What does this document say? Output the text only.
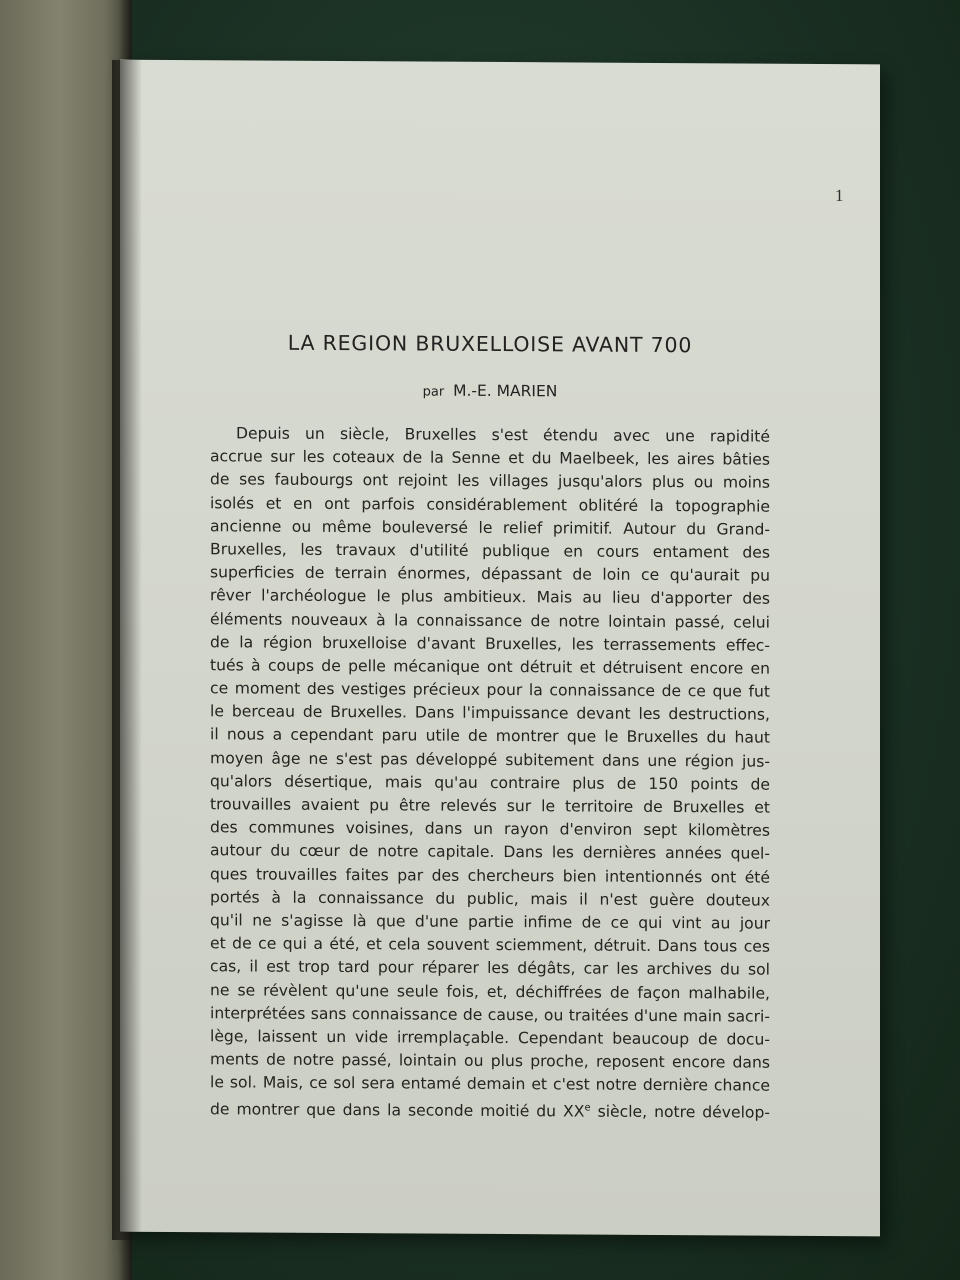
1
LA REGION BRUXELLOISE AVANT 700

par M.-E. MARIEN

Depuis un siècle, Bruxelles s'est étendu avec une rapidité
accrue sur les coteaux de la Senne et du Maelbeek, les aires bâties
de ses faubourgs ont rejoint les villages jusqu'alors plus ou moins
isolés et en ont parfois considérablement oblitéré la topographie
ancienne ou même bouleversé le relief primitif. Autour du Grand-
Bruxelles, les travaux d'utilité publique en cours entament des
superficies de terrain énormes, dépassant de loin ce qu'aurait pu
rêver l'archéologue le plus ambitieux. Mais au lieu d'apporter des
éléments nouveaux à la connaissance de notre lointain passé, celui
de la région bruxelloise d'avant Bruxelles, les terrassements effec-
tués à coups de pelle mécanique ont détruit et détruisent encore en
ce moment des vestiges précieux pour la connaissance de ce que fut
le berceau de Bruxelles. Dans l'impuissance devant les destructions,
il nous a cependant paru utile de montrer que le Bruxelles du haut
moyen âge ne s'est pas développé subitement dans une région jus-
qu'alors désertique, mais qu'au contraire plus de 150 points de
trouvailles avaient pu être relevés sur le territoire de Bruxelles et
des communes voisines, dans un rayon d'environ sept kilomètres
autour du cœur de notre capitale. Dans les dernières années quel-
ques trouvailles faites par des chercheurs bien intentionnés ont été
portés à la connaissance du public, mais il n'est guère douteux
qu'il ne s'agisse là que d'une partie infime de ce qui vint au jour
et de ce qui a été, et cela souvent sciemment, détruit. Dans tous ces
cas, il est trop tard pour réparer les dégâts, car les archives du sol
ne se révèlent qu'une seule fois, et, déchiffrées de façon malhabile,
interprétées sans connaissance de cause, ou traitées d'une main sacri-
lège, laissent un vide irremplaçable. Cependant beaucoup de docu-
ments de notre passé, lointain ou plus proche, reposent encore dans
le sol. Mais, ce sol sera entamé demain et c'est notre dernière chance
de montrer que dans la seconde moitié du XXe siècle, notre dévelop-
